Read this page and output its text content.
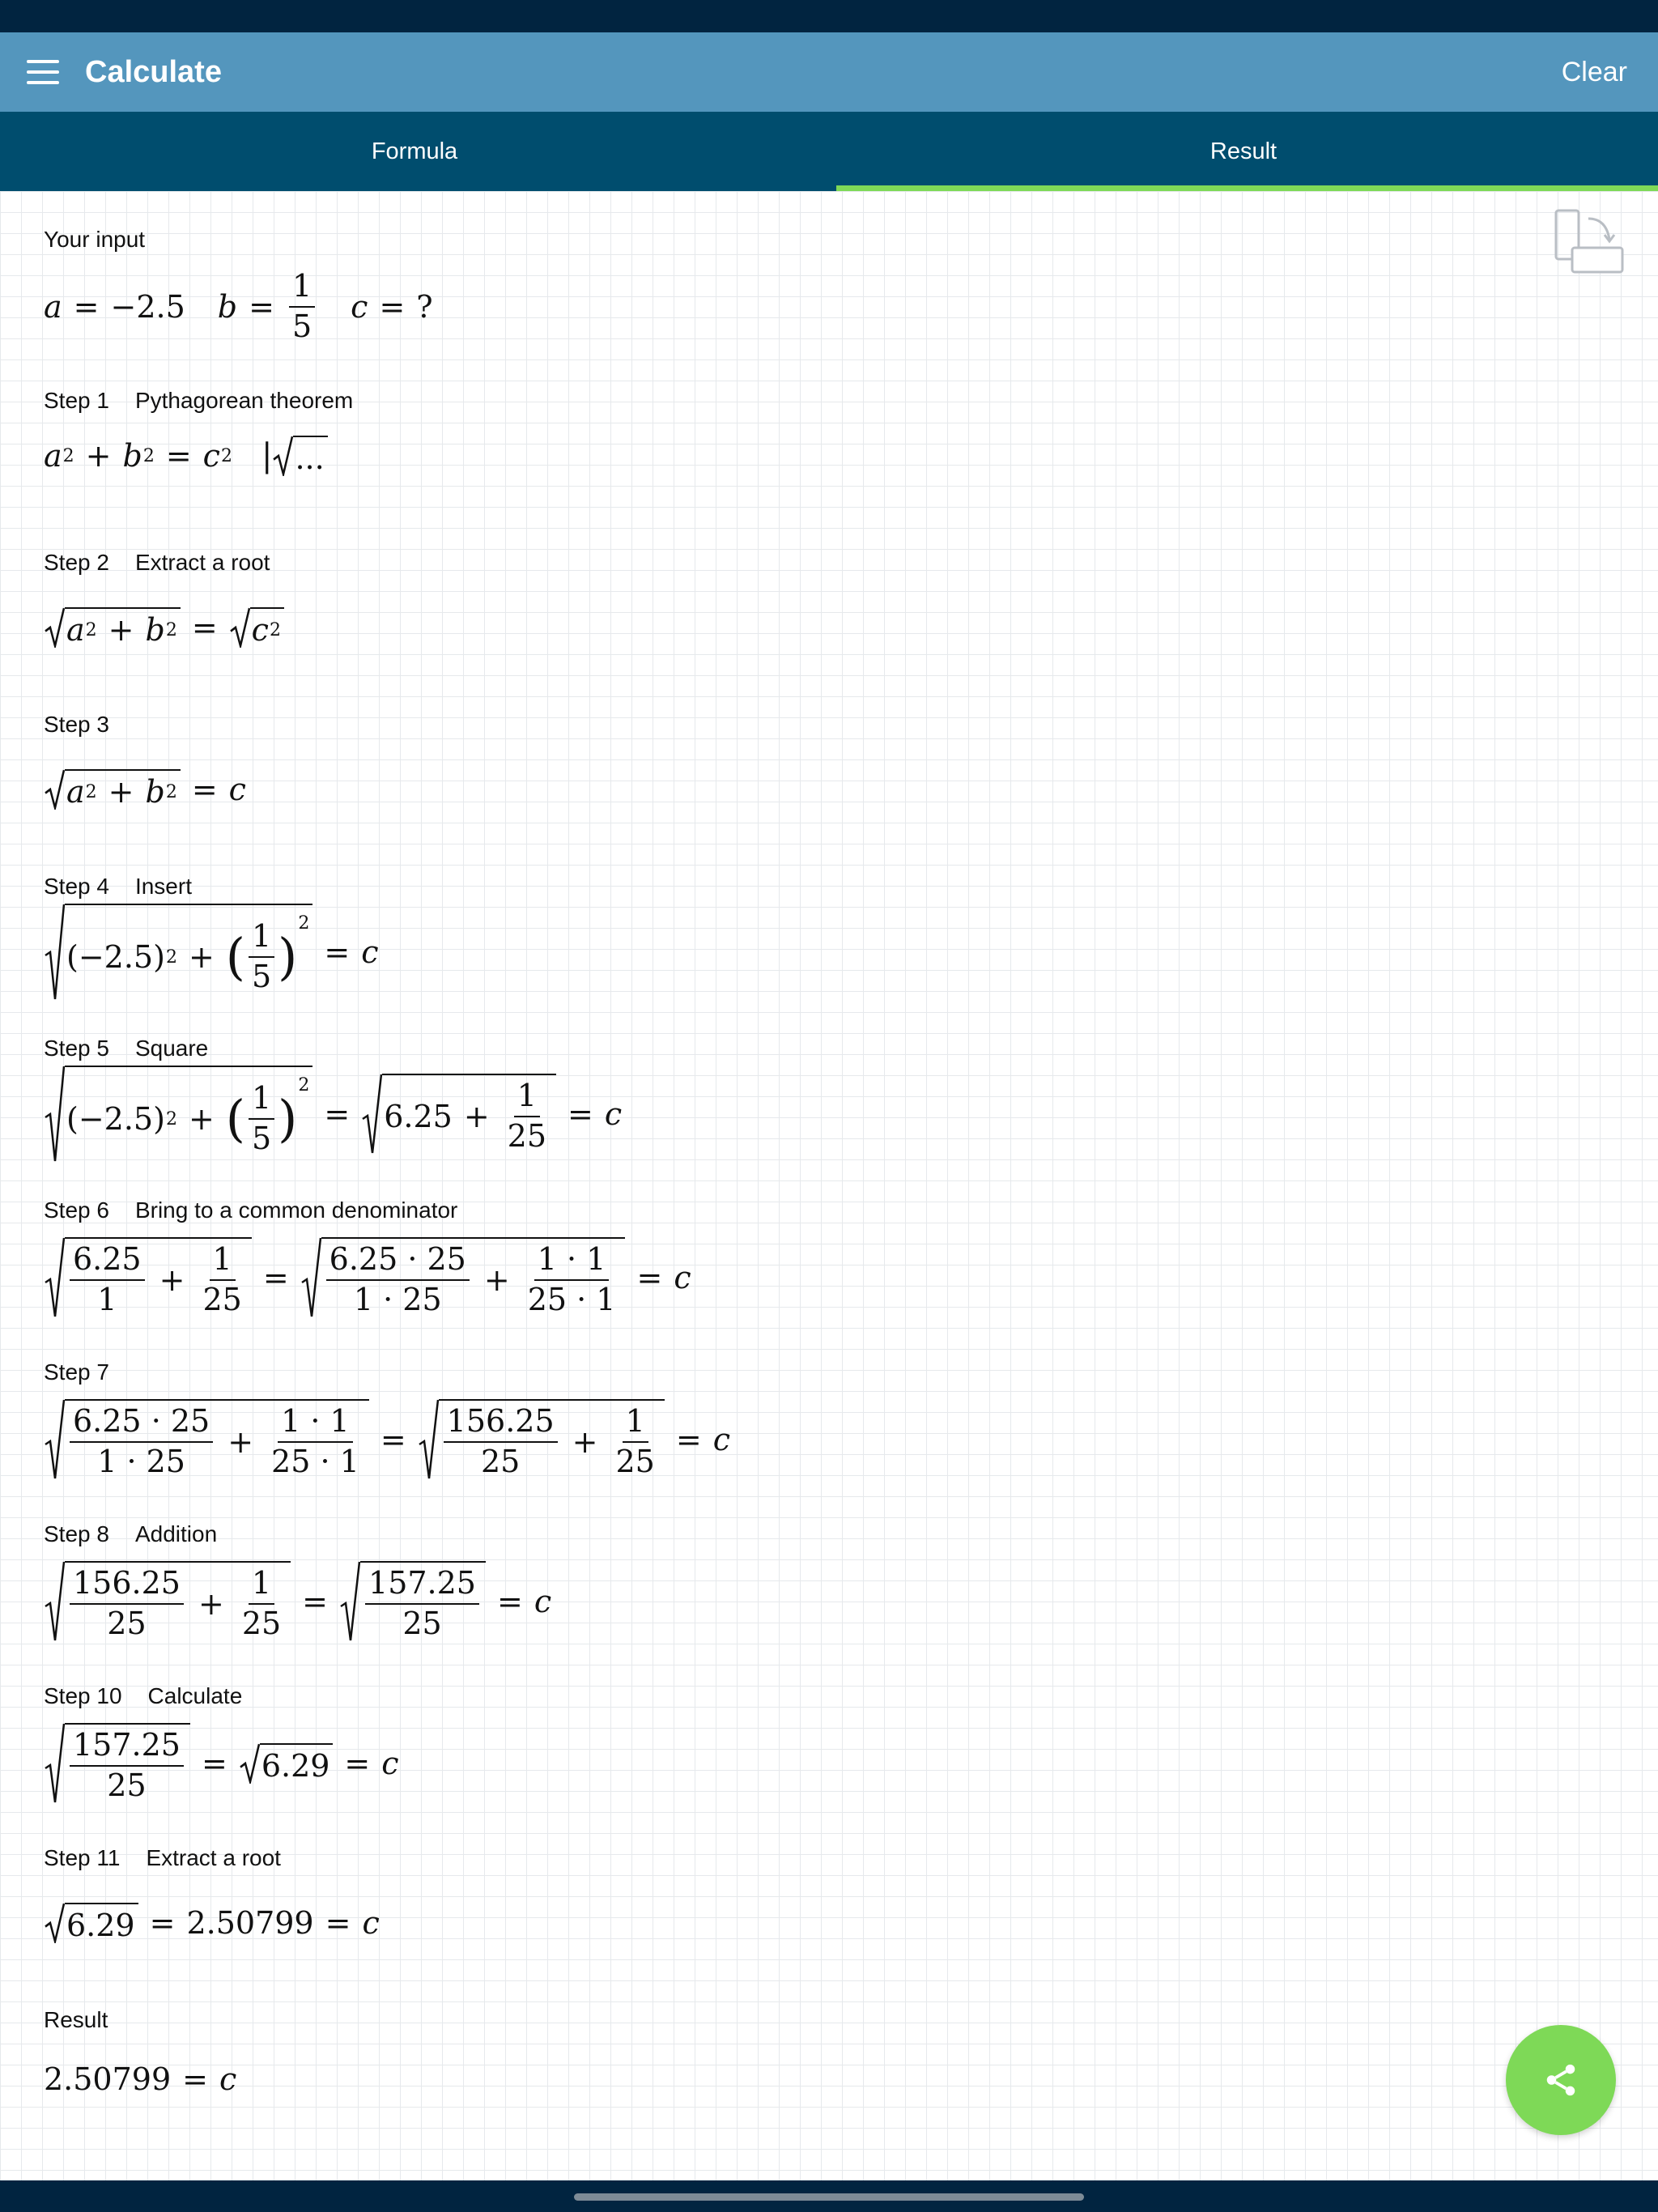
Calculate	Clear
Formula	Result
Your input
a = −2.5 $b = \frac{1}{5}$ c = ?
Step 1 Pythagorean theorem
a 2 + b 2 = c 2 | ...
Step 2 Extract a root
a 2 + b 2 = c 2
Step 3
a 2 + b 2 = c
Step 4 Insert
(−2.5) 2 + ( $\frac{1}{5}$ )
$^2$
= c
Step 5 Square
(−2.5) 2 + ( $\frac{1}{5}$ )
$^2$
= $6.25 + \frac{1}{25} = c$
Step 6 Bring to a common denominator
$\frac{6.25}{1} + \frac{1}{25} = \frac{6.25 \cdot 25}{1 \cdot 25} + \frac{1 \cdot 1}{25 \cdot 1} = c$
Step 7
$\frac{6.25 \cdot 25}{1 \cdot 25} + \frac{1 \cdot 1}{25 \cdot 1} = \frac{156.25}{25} + \frac{1}{25} = c$
Step 8 Addition
$\frac{156.25}{25} + \frac{1}{25} = \frac{157.25}{25} = c$
Step 10 Calculate
$\frac{157.25}{25} = 6.29 = c$
Step 11 Extract a root
6.29 = 2.50799 = c
Result
2.50799 = c
